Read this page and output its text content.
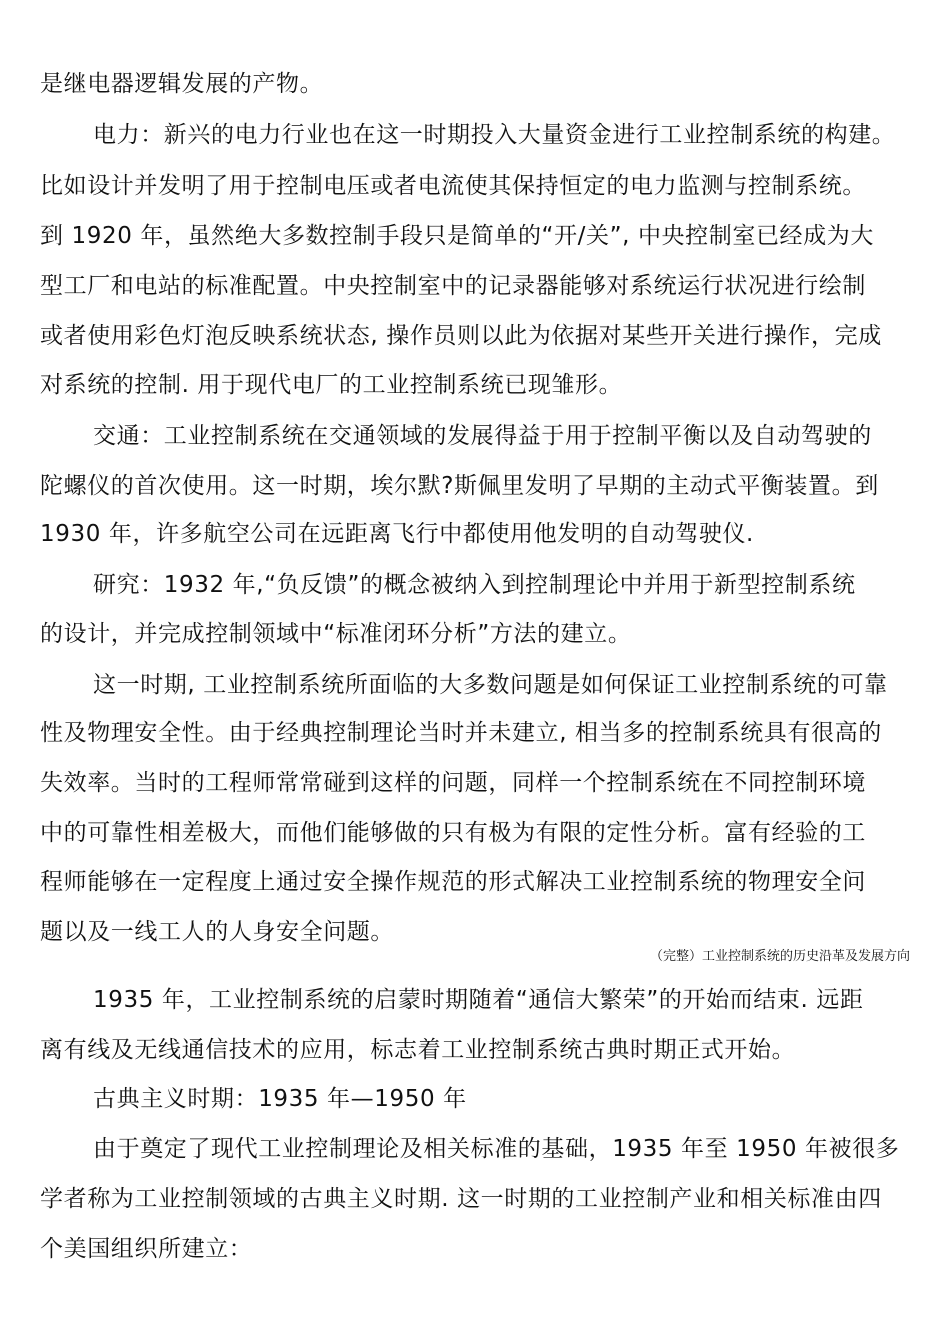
是继电器逻辑发展的产物。
电力：新兴的电力行业也在这一时期投入大量资金进行工业控制系统的构建。
比如设计并发明了用于控制电压或者电流使其保持恒定的电力监测与控制系统。
到 1920 年，虽然绝大多数控制手段只是简单的“开/关”, 中央控制室已经成为大
型工厂和电站的标准配置。中央控制室中的记录器能够对系统运行状况进行绘制
或者使用彩色灯泡反映系统状态, 操作员则以此为依据对某些开关进行操作，完成
对系统的控制. 用于现代电厂的工业控制系统已现雏形。
交通：工业控制系统在交通领域的发展得益于用于控制平衡以及自动驾驶的
陀螺仪的首次使用。这一时期，埃尔默?斯佩里发明了早期的主动式平衡装置。到
1930 年，许多航空公司在远距离飞行中都使用他发明的自动驾驶仪.
研究：1932 年,“负反馈”的概念被纳入到控制理论中并用于新型控制系统
的设计，并完成控制领域中“标准闭环分析”方法的建立。
这一时期, 工业控制系统所面临的大多数问题是如何保证工业控制系统的可靠
性及物理安全性。由于经典控制理论当时并未建立, 相当多的控制系统具有很高的
失效率。当时的工程师常常碰到这样的问题，同样一个控制系统在不同控制环境
中的可靠性相差极大，而他们能够做的只有极为有限的定性分析。富有经验的工
程师能够在一定程度上通过安全操作规范的形式解决工业控制系统的物理安全问
题以及一线工人的人身安全问题。
（完整）工业控制系统的历史沿革及发展方向
1935 年，工业控制系统的启蒙时期随着“通信大繁荣”的开始而结束. 远距
离有线及无线通信技术的应用，标志着工业控制系统古典时期正式开始。
古典主义时期：1935 年—1950 年
由于奠定了现代工业控制理论及相关标准的基础，1935 年至 1950 年被很多
学者称为工业控制领域的古典主义时期. 这一时期的工业控制产业和相关标准由四
个美国组织所建立：
